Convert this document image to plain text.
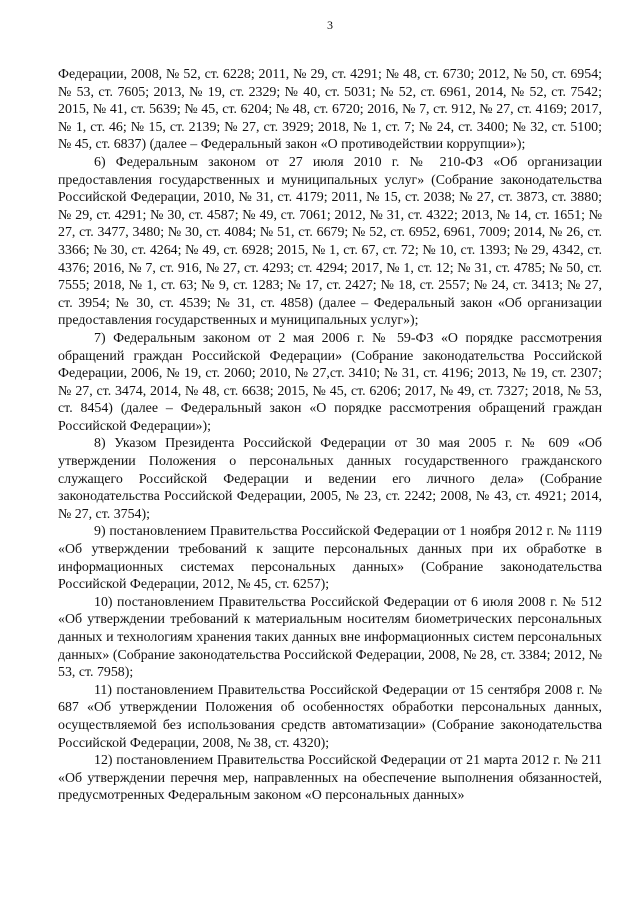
3

Федерации, 2008, № 52, ст. 6228; 2011, № 29, ст. 4291; № 48, ст. 6730; 2012, № 50, ст. 6954; № 53, ст. 7605; 2013, № 19, ст. 2329; № 40, ст. 5031; № 52, ст. 6961, 2014, № 52, ст. 7542; 2015, № 41, ст. 5639; № 45, ст. 6204; № 48, ст. 6720; 2016, № 7, ст. 912, № 27, ст. 4169; 2017, № 1, ст. 46; № 15, ст. 2139; № 27, ст. 3929; 2018, № 1, ст. 7; № 24, ст. 3400; № 32, ст. 5100; № 45, ст. 6837) (далее – Федеральный закон «О противодействии коррупции»);

6) Федеральным законом от 27 июля 2010 г. № 210-ФЗ «Об организации предоставления государственных и муниципальных услуг» (Собрание законодательства Российской Федерации, 2010, № 31, ст. 4179; 2011, № 15, ст. 2038; № 27, ст. 3873, ст. 3880; № 29, ст. 4291; № 30, ст. 4587; № 49, ст. 7061; 2012, № 31, ст. 4322; 2013, № 14, ст. 1651; № 27, ст. 3477, 3480; № 30, ст. 4084; № 51, ст. 6679; № 52, ст. 6952, 6961, 7009; 2014, № 26, ст. 3366; № 30, ст. 4264; № 49, ст. 6928; 2015, № 1, ст. 67, ст. 72; № 10, ст. 1393; № 29, 4342, ст. 4376; 2016, № 7, ст. 916, № 27, ст. 4293; ст. 4294; 2017, № 1, ст. 12; № 31, ст. 4785; № 50, ст. 7555; 2018, № 1, ст. 63; № 9, ст. 1283; № 17, ст. 2427; № 18, ст. 2557; № 24, ст. 3413; № 27, ст. 3954; № 30, ст. 4539; № 31, ст. 4858) (далее – Федеральный закон «Об организации предоставления государственных и муниципальных услуг»);

7) Федеральным законом от 2 мая 2006 г. № 59-ФЗ «О порядке рассмотрения обращений граждан Российской Федерации» (Собрание законодательства Российской Федерации, 2006, № 19, ст. 2060; 2010, № 27,ст. 3410; № 31, ст. 4196; 2013, № 19, ст. 2307; № 27, ст. 3474, 2014, № 48, ст. 6638; 2015, № 45, ст. 6206; 2017, № 49, ст. 7327; 2018, № 53, ст. 8454) (далее – Федеральный закон «О порядке рассмотрения обращений граждан Российской Федерации»);

8) Указом Президента Российской Федерации от 30 мая 2005 г. № 609 «Об утверждении Положения о персональных данных государственного гражданского служащего Российской Федерации и ведении его личного дела» (Собрание законодательства Российской Федерации, 2005, № 23, ст. 2242; 2008, № 43, ст. 4921; 2014, № 27, ст. 3754);

9) постановлением Правительства Российской Федерации от 1 ноября 2012 г. № 1119 «Об утверждении требований к защите персональных данных при их обработке в информационных системах персональных данных» (Собрание законодательства Российской Федерации, 2012, № 45, ст. 6257);

10) постановлением Правительства Российской Федерации от 6 июля 2008 г. № 512 «Об утверждении требований к материальным носителям биометрических персональных данных и технологиям хранения таких данных вне информационных систем персональных данных» (Собрание законодательства Российской Федерации, 2008, № 28, ст. 3384; 2012, № 53, ст. 7958);

11) постановлением Правительства Российской Федерации от 15 сентября 2008 г. № 687 «Об утверждении Положения об особенностях обработки персональных данных, осуществляемой без использования средств автоматизации» (Собрание законодательства Российской Федерации, 2008, № 38, ст. 4320);

12) постановлением Правительства Российской Федерации от 21 марта 2012 г. № 211 «Об утверждении перечня мер, направленных на обеспечение выполнения обязанностей, предусмотренных Федеральным законом «О персональных данных»
